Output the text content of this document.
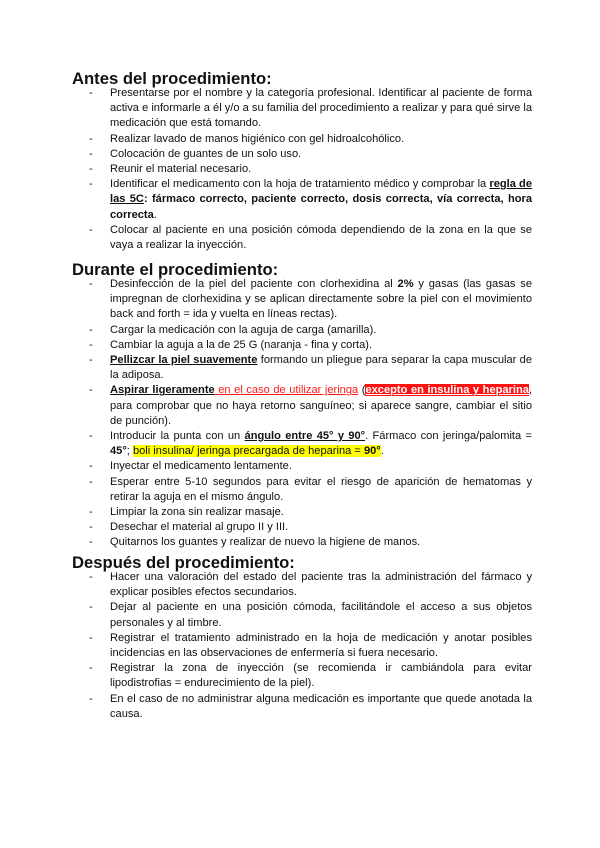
Antes del procedimiento:
- Presentarse por el nombre y la categoría profesional. Identificar al paciente de forma activa e informarle a él y/o a su familia del procedimiento a realizar y para qué sirve la medicación que está tomando.
- Realizar lavado de manos higiénico con gel hidroalcohólico.
- Colocación de guantes de un solo uso.
- Reunir el material necesario.
- Identificar el medicamento con la hoja de tratamiento médico y comprobar la regla de las 5C: fármaco correcto, paciente correcto, dosis correcta, vía correcta, hora correcta.
- Colocar al paciente en una posición cómoda dependiendo de la zona en la que se vaya a realizar la inyección.
Durante el procedimiento:
- Desinfección de la piel del paciente con clorhexidina al 2% y gasas (las gasas se impregnan de clorhexidina y se aplican directamente sobre la piel con el movimiento back and forth = ida y vuelta en líneas rectas).
- Cargar la medicación con la aguja de carga (amarilla).
- Cambiar la aguja a la de 25 G (naranja - fina y corta).
- Pellizcar la piel suavemente formando un pliegue para separar la capa muscular de la adiposa.
- Aspirar ligeramente en el caso de utilizar jeringa (excepto en insulina y heparina, para comprobar que no haya retorno sanguíneo; si aparece sangre, cambiar el sitio de punción).
- Introducir la punta con un ángulo entre 45° y 90°. Fármaco con jeringa/palomita = 45°; boli insulina/ jeringa precargada de heparina = 90°.
- Inyectar el medicamento lentamente.
- Esperar entre 5-10 segundos para evitar el riesgo de aparición de hematomas y retirar la aguja en el mismo ángulo.
- Limpiar la zona sin realizar masaje.
- Desechar el material al grupo II y III.
- Quitarnos los guantes y realizar de nuevo la higiene de manos.
Después del procedimiento:
- Hacer una valoración del estado del paciente tras la administración del fármaco y explicar posibles efectos secundarios.
- Dejar al paciente en una posición cómoda, facilitándole el acceso a sus objetos personales y al timbre.
- Registrar el tratamiento administrado en la hoja de medicación y anotar posibles incidencias en las observaciones de enfermería si fuera necesario.
- Registrar la zona de inyección (se recomienda ir cambiándola para evitar lipodistrofias = endurecimiento de la piel).
- En el caso de no administrar alguna medicación es importante que quede anotada la causa.
